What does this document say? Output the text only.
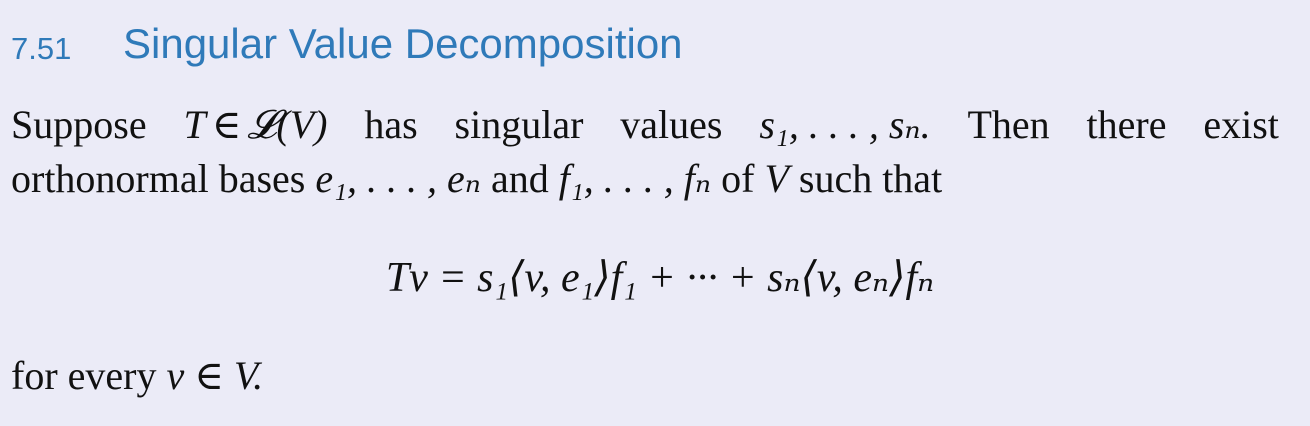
7.51 Singular Value Decomposition
Suppose T ∈ 𝓛(V) has singular values s₁, . . . , sₙ. Then there exist
orthonormal bases e₁, . . . , eₙ and f₁, . . . , fₙ of V such that
Tv = s₁⟨v, e₁⟩f₁ + ··· + sₙ⟨v, eₙ⟩fₙ
for every v ∈ V.
